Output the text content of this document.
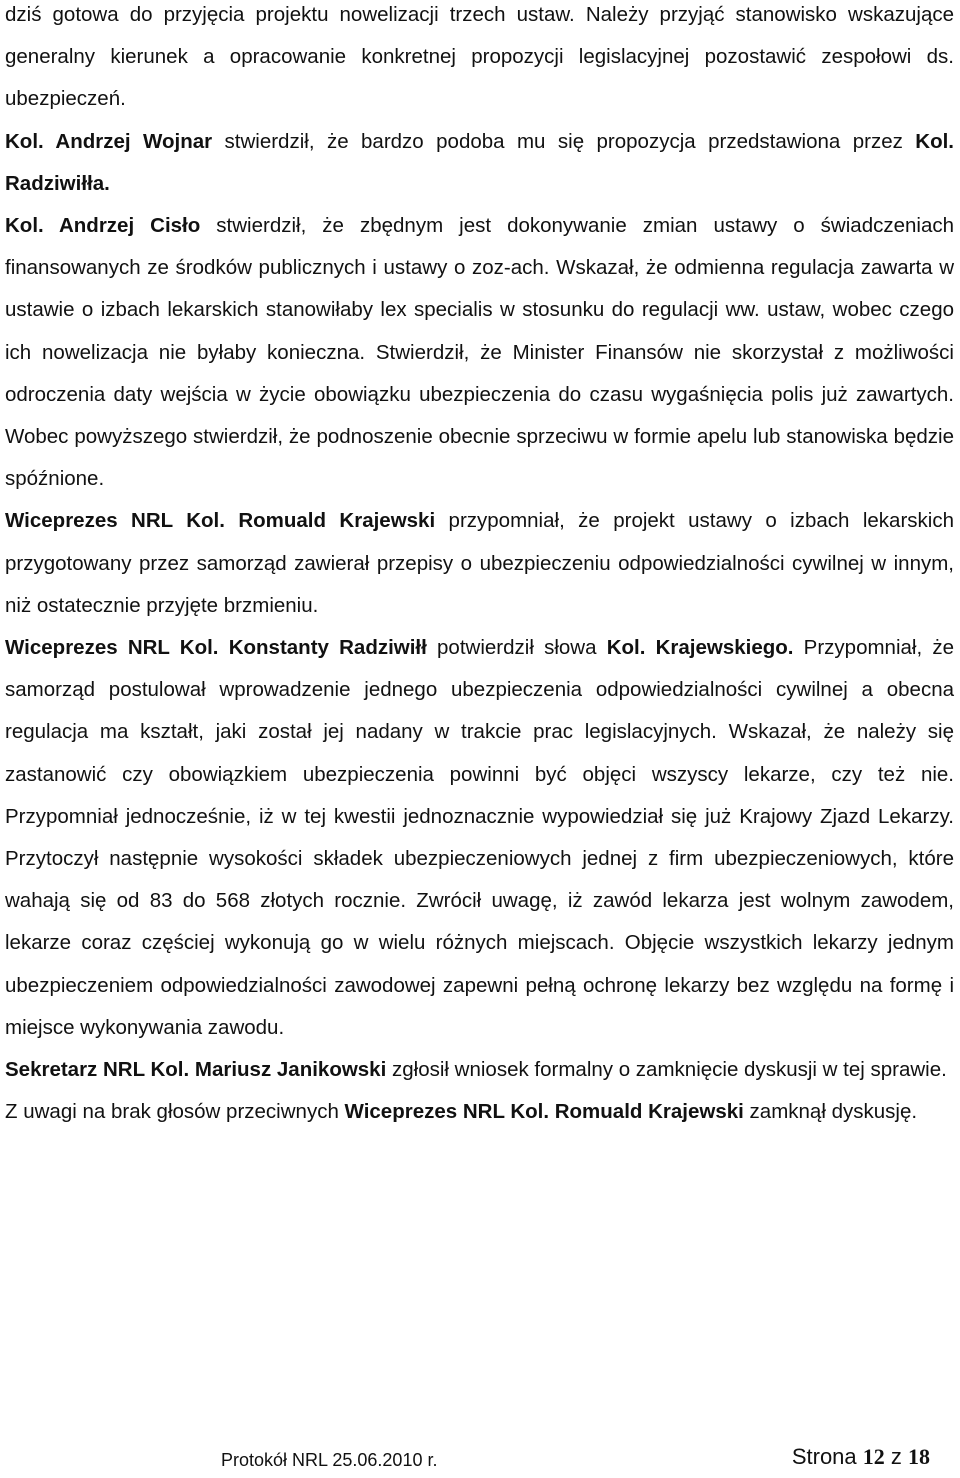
dziś gotowa do przyjęcia projektu nowelizacji trzech ustaw. Należy przyjąć stanowisko wskazujące generalny kierunek a opracowanie konkretnej propozycji legislacyjnej pozostawić zespołowi ds. ubezpieczeń.

Kol. Andrzej Wojnar stwierdził, że bardzo podoba mu się propozycja przedstawiona przez Kol. Radziwiłła.

Kol. Andrzej Cisło stwierdził, że zbędnym jest dokonywanie zmian ustawy o świadczeniach finansowanych ze środków publicznych i ustawy o zoz-ach. Wskazał, że odmienna regulacja zawarta w ustawie o izbach lekarskich stanowiłaby lex specialis w stosunku do regulacji ww. ustaw, wobec czego ich nowelizacja nie byłaby konieczna. Stwierdził, że Minister Finansów nie skorzystał z możliwości odroczenia daty wejścia w życie obowiązku ubezpieczenia do czasu wygaśnięcia polis już zawartych. Wobec powyższego stwierdził, że podnoszenie obecnie sprzeciwu w formie apelu lub stanowiska będzie spóźnione.

Wiceprezes NRL Kol. Romuald Krajewski przypomniał, że projekt ustawy o izbach lekarskich przygotowany przez samorząd zawierał przepisy o ubezpieczeniu odpowiedzialności cywilnej w innym, niż ostatecznie przyjęte brzmieniu.

Wiceprezes NRL Kol. Konstanty Radziwiłł potwierdził słowa Kol. Krajewskiego. Przypomniał, że samorząd postulował wprowadzenie jednego ubezpieczenia odpowiedzialności cywilnej a obecna regulacja ma kształt, jaki został jej nadany w trakcie prac legislacyjnych. Wskazał, że należy się zastanowić czy obowiązkiem ubezpieczenia powinni być objęci wszyscy lekarze, czy też nie. Przypomniał jednocześnie, iż w tej kwestii jednoznacznie wypowiedział się już Krajowy Zjazd Lekarzy. Przytoczył następnie wysokości składek ubezpieczeniowych jednej z firm ubezpieczeniowych, które wahają się od 83 do 568 złotych rocznie. Zwrócił uwagę, iż zawód lekarza jest wolnym zawodem, lekarze coraz częściej wykonują go w wielu różnych miejscach. Objęcie wszystkich lekarzy jednym ubezpieczeniem odpowiedzialności zawodowej zapewni pełną ochronę lekarzy bez względu na formę i miejsce wykonywania zawodu.

Sekretarz NRL Kol. Mariusz Janikowski zgłosił wniosek formalny o zamknięcie dyskusji w tej sprawie.

Z uwagi na brak głosów przeciwnych Wiceprezes NRL Kol. Romuald Krajewski zamknął dyskusję.

Protokół NRL 25.06.2010 r.	Strona 12 z 18
